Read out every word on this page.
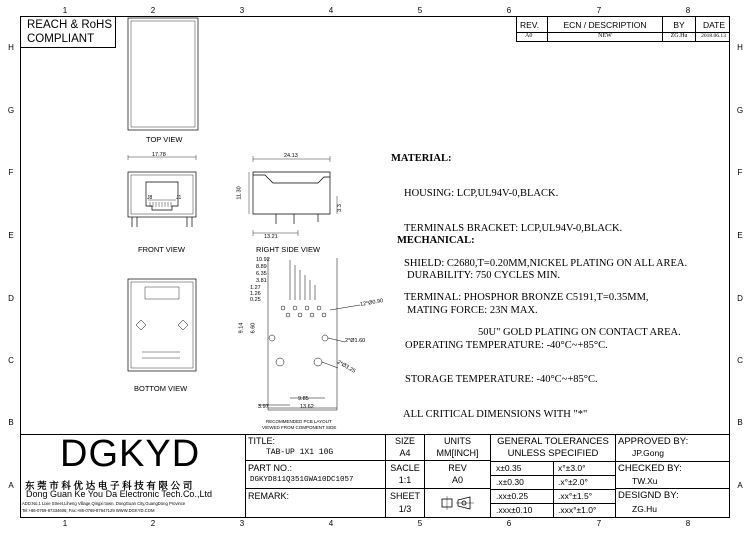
1	2	3	4	5	6	7	8
1	2	3	4	5	6	7	8
H
G
F
E
D
C
B
A
H
G
F
E
D
C
B
A
REACH & RoHS
COMPLIANT
REV.	ECN / DESCRIPTION	BY	DATE
A0	NEW	ZG.Hu	2018.06.13
TOP VIEW
FRONT VIEW	RIGHT SIDE VIEW
BOTTOM VIEW
RECOMMENDED PCB LAYOUT
VIEWED FROM COMPONENT SIDE
17.78	24.13
11.30
3.3
13.21
J8	J1
10.92
8.89
6.35
3.81
1.27
1.26
0.25
9.14 6.60
12*Ø0.90
2*Ø1.60
2*Ø3.25
3.97
9.85
13.62

MATERIAL:

HOUSING: LCP,UL94V-0,BLACK.

TERMINALS BRACKET: LCP,UL94V-0,BLACK.

SHIELD: C2680,T=0.20MM,NICKEL PLATING ON ALL AREA.

TERMINAL: PHOSPHOR BRONZE C5191,T=0.35MM,

50U" GOLD PLATING ON CONTACT AREA.

MECHANICAL:

DURABILITY: 750 CYCLES MIN.

MATING FORCE: 23N MAX.

OPERATING TEMPERATURE: -40°C~+85°C.

STORAGE TEMPERATURE: -40°C~+85°C.

ALL CRITICAL DIMENSIONS WITH "*"

DGKYD
东 莞 市 科 优 达 电 子 科 技 有 限 公 司
Dong Guan Ke You Da Electronic Tech.Co.,Ltd
ADD:No.1 Lixie Street,Liheng Village,Qingxi town, DongGuan City,GuangDong Province
Tel:+86-0769-87334606; Fax:+86-0769-87647129 WWW.DGKYD.COM
TITLE:
TAB-UP 1X1 10G
PART NO.:
DGKYD811Q351GWA10DC1057
REMARK:
SIZE
A4
SACLE
1:1
SHEET
1/3
UNITS
MM[INCH]
REV
A0
GENERAL TOLERANCES
UNLESS SPECIFIED
x±0.35	x°±3.0°
.x±0.30	.x°±2.0°
.xx±0.25	.xx°±1.5°
.xxx±0.10	.xxx°±1.0°
APPROVED BY:
JP.Gong
CHECKED BY:
TW.Xu
DESIGND BY:
ZG.Hu
